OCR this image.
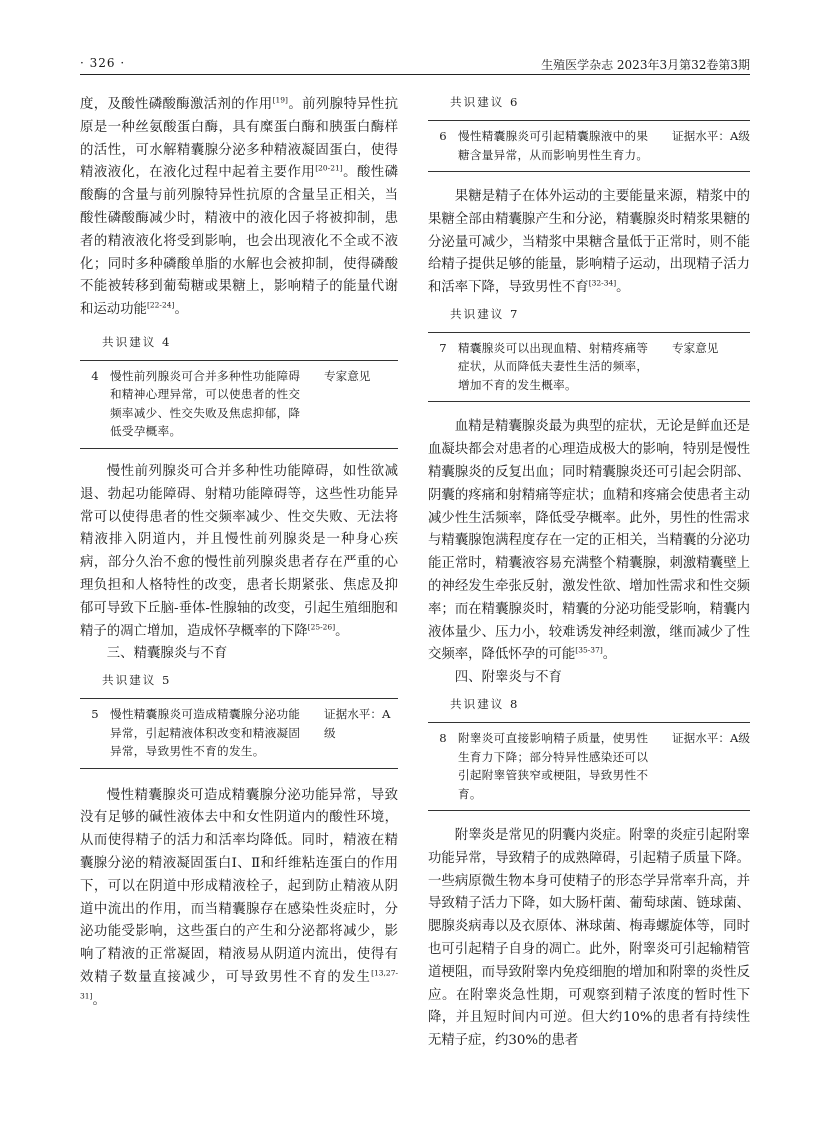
· 326 ·	生殖医学杂志 2023年3月第32卷第3期

度，及酸性磷酸酶激活剂的作用[19]。前列腺特异性抗原是一种丝氨酸蛋白酶，具有糜蛋白酶和胰蛋白酶样的活性，可水解精囊腺分泌多种精液凝固蛋白，使得精液液化，在液化过程中起着主要作用[20-21]。酸性磷酸酶的含量与前列腺特异性抗原的含量呈正相关，当酸性磷酸酶减少时，精液中的液化因子将被抑制，患者的精液液化将受到影响，也会出现液化不全或不液化；同时多种磷酸单脂的水解也会被抑制，使得磷酸不能被转移到葡萄糖或果糖上，影响精子的能量代谢和运动功能[22-24]。

共识建议 4
4 慢性前列腺炎可合并多种性功能障碍和精神心理异常，可以使患者的性交频率减少、性交失败及焦虑抑郁，降低受孕概率。
专家意见

慢性前列腺炎可合并多种性功能障碍，如性欲减退、勃起功能障碍、射精功能障碍等，这些性功能异常可以使得患者的性交频率减少、性交失败、无法将精液排入阴道内，并且慢性前列腺炎是一种身心疾病，部分久治不愈的慢性前列腺炎患者存在严重的心理负担和人格特性的改变，患者长期紧张、焦虑及抑郁可导致下丘脑-垂体-性腺轴的改变，引起生殖细胞和精子的凋亡增加，造成怀孕概率的下降[25-26]。

三、精囊腺炎与不育

共识建议 5
5 慢性精囊腺炎可造成精囊腺分泌功能异常，引起精液体积改变和精液凝固异常，导致男性不育的发生。
证据水平：A级

慢性精囊腺炎可造成精囊腺分泌功能异常，导致没有足够的碱性液体去中和女性阴道内的酸性环境，从而使得精子的活力和活率均降低。同时，精液在精囊腺分泌的精液凝固蛋白Ⅰ、Ⅱ和纤维粘连蛋白的作用下，可以在阴道中形成精液栓子，起到防止精液从阴道中流出的作用，而当精囊腺存在感染性炎症时，分泌功能受影响，这些蛋白的产生和分泌都将减少，影响了精液的正常凝固，精液易从阴道内流出，使得有效精子数量直接减少，可导致男性不育的发生[13,27-31]。

共识建议 6
6 慢性精囊腺炎可引起精囊腺液中的果糖含量异常，从而影响男性生育力。
证据水平：A级

果糖是精子在体外运动的主要能量来源，精浆中的果糖全部由精囊腺产生和分泌，精囊腺炎时精浆果糖的分泌量可减少，当精浆中果糖含量低于正常时，则不能给精子提供足够的能量，影响精子运动，出现精子活力和活率下降，导致男性不育[32-34]。

共识建议 7
7 精囊腺炎可以出现血精、射精疼痛等症状，从而降低夫妻性生活的频率，增加不育的发生概率。
专家意见

血精是精囊腺炎最为典型的症状，无论是鲜血还是血凝块都会对患者的心理造成极大的影响，特别是慢性精囊腺炎的反复出血；同时精囊腺炎还可引起会阴部、阴囊的疼痛和射精痛等症状；血精和疼痛会使患者主动减少性生活频率，降低受孕概率。此外，男性的性需求与精囊腺饱满程度存在一定的正相关，当精囊的分泌功能正常时，精囊液容易充满整个精囊腺，刺激精囊壁上的神经发生牵张反射，激发性欲、增加性需求和性交频率；而在精囊腺炎时，精囊的分泌功能受影响，精囊内液体量少、压力小，较难诱发神经刺激，继而减少了性交频率，降低怀孕的可能[35-37]。

四、附睾炎与不育

共识建议 8
8 附睾炎可直接影响精子质量，使男性生育力下降；部分特异性感染还可以引起附睾管狭窄或梗阻，导致男性不育。
证据水平：A级

附睾炎是常见的阴囊内炎症。附睾的炎症引起附睾功能异常，导致精子的成熟障碍，引起精子质量下降。一些病原微生物本身可使精子的形态学异常率升高，并导致精子活力下降，如大肠杆菌、葡萄球菌、链球菌、腮腺炎病毒以及衣原体、淋球菌、梅毒螺旋体等，同时也可引起精子自身的凋亡。此外，附睾炎可引起输精管道梗阻，而导致附睾内免疫细胞的增加和附睾的炎性反应。在附睾炎急性期，可观察到精子浓度的暂时性下降，并且短时间内可逆。但大约10%的患者有持续性无精子症，约30%的患者
